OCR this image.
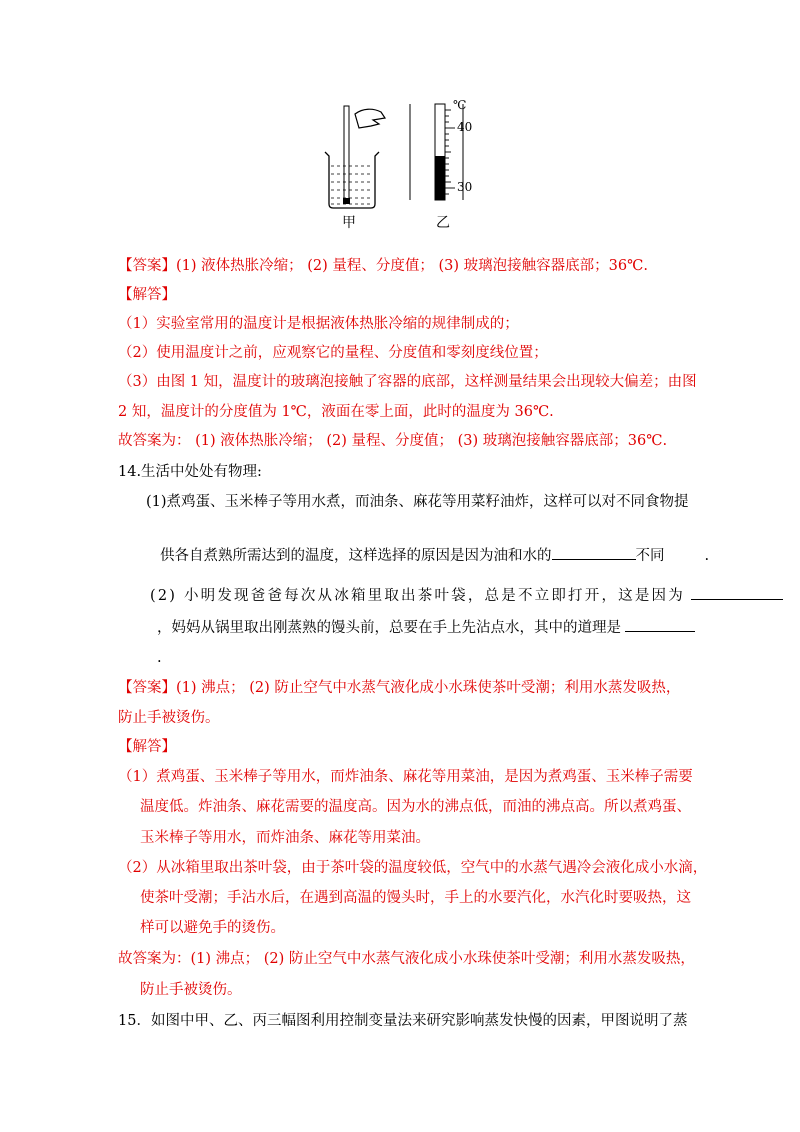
℃
40
30
甲	乙
【答案】(1) 液体热胀冷缩； (2) 量程、分度值； (3) 玻璃泡接触容器底部；36℃.
【解答】
（1）实验室常用的温度计是根据液体热胀冷缩的规律制成的；
（2）使用温度计之前，应观察它的量程、分度值和零刻度线位置；
（3）由图 1 知，温度计的玻璃泡接触了容器的底部，这样测量结果会出现较大偏差；由图
2 知，温度计的分度值为 1℃，液面在零上面，此时的温度为 36℃.
故答案为： (1) 液体热胀冷缩； (2) 量程、分度值； (3) 玻璃泡接触容器底部；36℃.
14.生活中处处有物理:
(1)煮鸡蛋、玉米棒子等用水煮，而油条、麻花等用菜籽油炸，这样可以对不同食物提
供各自煮熟所需达到的温度，这样选择的原因是因为油和水的	不同	.
(2) 小明发现爸爸每次从冰箱里取出茶叶袋，总是不立即打开，这是因为
，妈妈从锅里取出刚蒸熟的馒头前，总要在手上先沾点水，其中的道理是
.
【答案】(1) 沸点； (2) 防止空气中水蒸气液化成小水珠使茶叶受潮；利用水蒸发吸热，
防止手被烫伤。
【解答】
（1）煮鸡蛋、玉米棒子等用水，而炸油条、麻花等用菜油，是因为煮鸡蛋、玉米棒子需要
温度低。炸油条、麻花需要的温度高。因为水的沸点低，而油的沸点高。所以煮鸡蛋、
玉米棒子等用水，而炸油条、麻花等用菜油。
（2）从冰箱里取出茶叶袋，由于茶叶袋的温度较低，空气中的水蒸气遇冷会液化成小水滴，
使茶叶受潮；手沾水后，在遇到高温的馒头时，手上的水要汽化，水汽化时要吸热，这
样可以避免手的烫伤。
故答案为：(1) 沸点； (2) 防止空气中水蒸气液化成小水珠使茶叶受潮；利用水蒸发吸热，
防止手被烫伤。
15．如图中甲、乙、丙三幅图利用控制变量法来研究影响蒸发快慢的因素，甲图说明了蒸
